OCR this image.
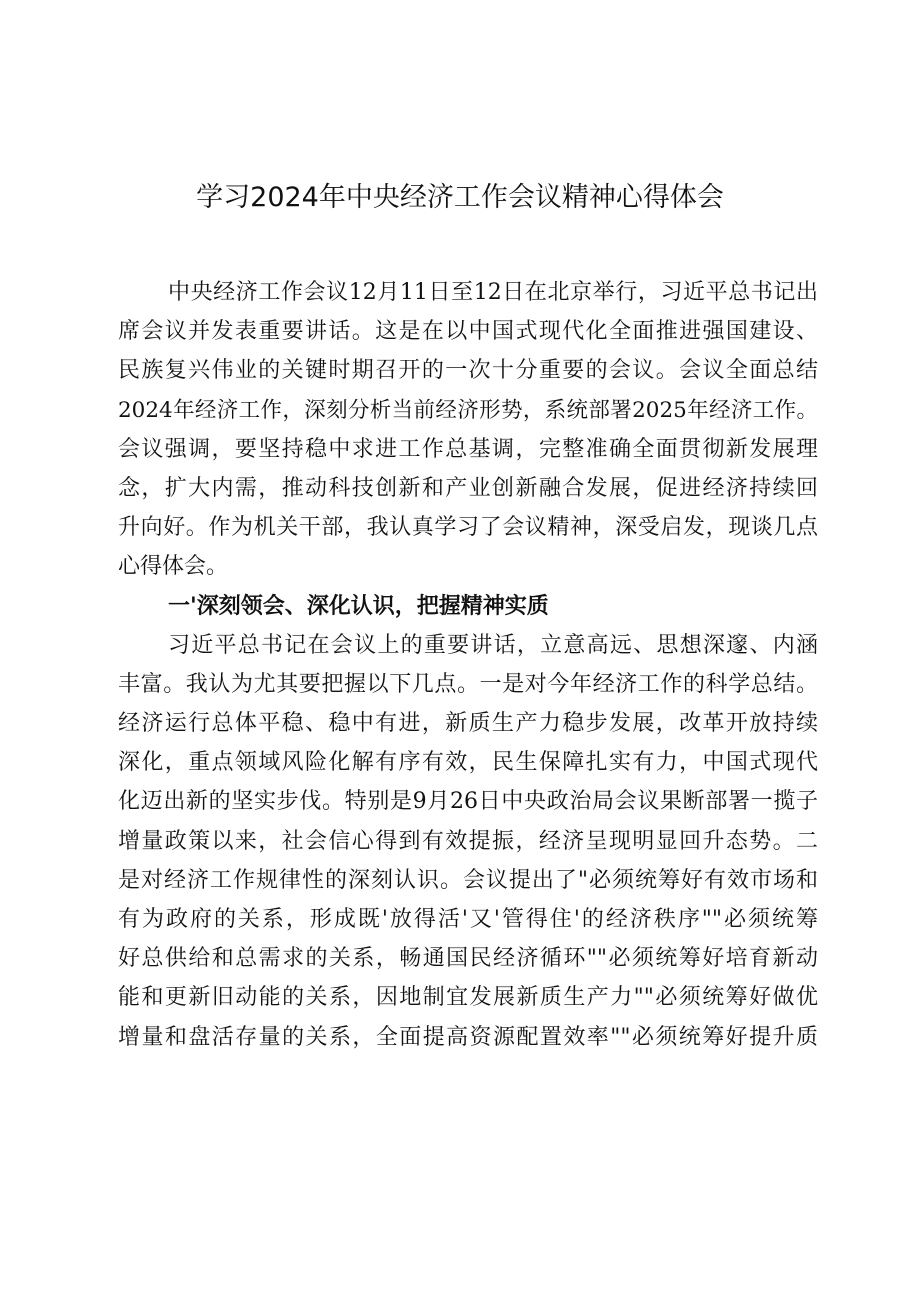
学习2024年中央经济工作会议精神心得体会
中央经济工作会议12月11日至12日在北京举行，习近平总书记出
席会议并发表重要讲话。这是在以中国式现代化全面推进强国建设、
民族复兴伟业的关键时期召开的一次十分重要的会议。会议全面总结
2024年经济工作，深刻分析当前经济形势，系统部署2025年经济工作。
会议强调，要坚持稳中求进工作总基调，完整准确全面贯彻新发展理
念，扩大内需，推动科技创新和产业创新融合发展，促进经济持续回
升向好。作为机关干部，我认真学习了会议精神，深受启发，现谈几点
心得体会。
一'深刻领会、深化认识，把握精神实质
习近平总书记在会议上的重要讲话，立意高远、思想深邃、内涵
丰富。我认为尤其要把握以下几点。一是对今年经济工作的科学总结。
经济运行总体平稳、稳中有进，新质生产力稳步发展，改革开放持续
深化，重点领域风险化解有序有效，民生保障扎实有力，中国式现代
化迈出新的坚实步伐。特别是9月26日中央政治局会议果断部署一揽子
增量政策以来，社会信心得到有效提振，经济呈现明显回升态势。二
是对经济工作规律性的深刻认识。会议提出了"必须统筹好有效市场和
有为政府的关系，形成既'放得活'又'管得住'的经济秩序""必须统筹
好总供给和总需求的关系，畅通国民经济循环""必须统筹好培育新动
能和更新旧动能的关系，因地制宜发展新质生产力""必须统筹好做优
增量和盘活存量的关系，全面提高资源配置效率""必须统筹好提升质
